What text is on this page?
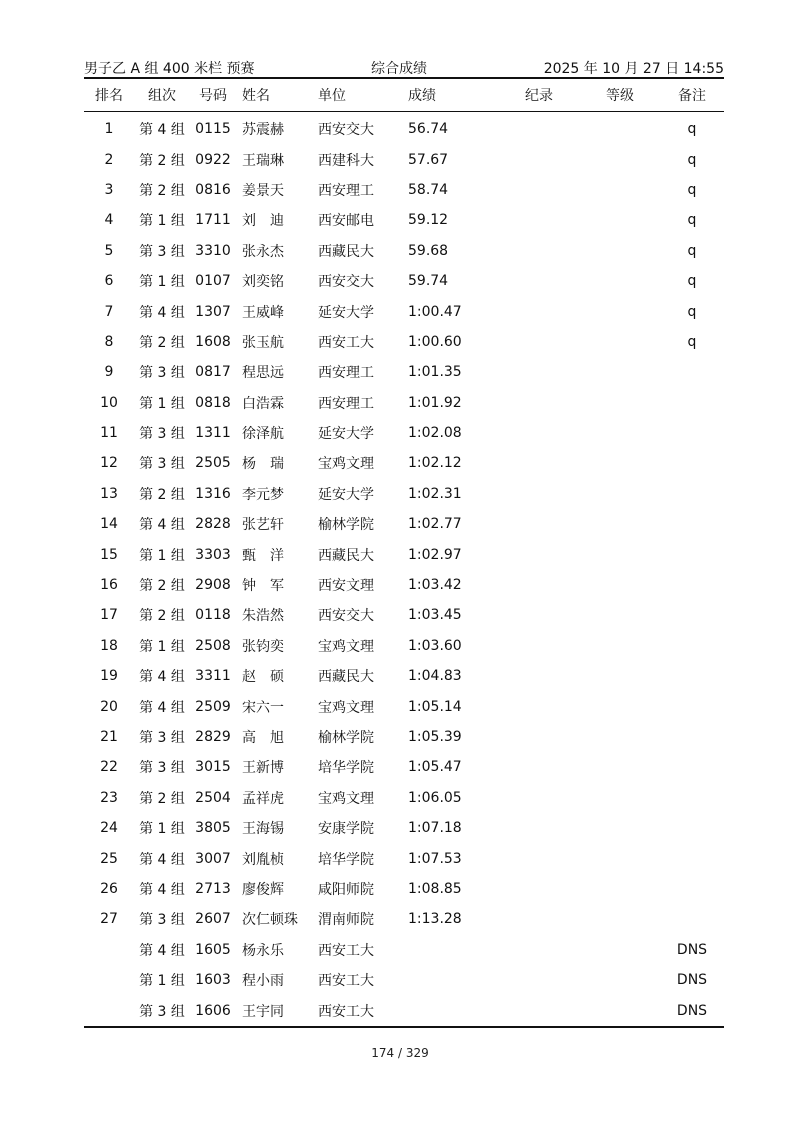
男子乙 A 组 400 米栏 预赛	综合成绩	2025 年 10 月 27 日 14:55
排名	组次	号码	姓名	单位	成绩	纪录	等级	备注

1	第 4 组	0115	苏震赫	西安交大	56.74			q
2	第 2 组	0922	王瑞琳	西建科大	57.67			q
3	第 2 组	0816	姜景天	西安理工	58.74			q
4	第 1 组	1711	刘　迪	西安邮电	59.12			q
5	第 3 组	3310	张永杰	西藏民大	59.68			q
6	第 1 组	0107	刘奕铭	西安交大	59.74			q
7	第 4 组	1307	王威峰	延安大学	1:00.47			q
8	第 2 组	1608	张玉航	西安工大	1:00.60			q
9	第 3 组	0817	程思远	西安理工	1:01.35			
10	第 1 组	0818	白浩霖	西安理工	1:01.92			
11	第 3 组	1311	徐泽航	延安大学	1:02.08			
12	第 3 组	2505	杨　瑞	宝鸡文理	1:02.12			
13	第 2 组	1316	李元梦	延安大学	1:02.31			
14	第 4 组	2828	张艺轩	榆林学院	1:02.77			
15	第 1 组	3303	甄　洋	西藏民大	1:02.97			
16	第 2 组	2908	钟　军	西安文理	1:03.42			
17	第 2 组	0118	朱浩然	西安交大	1:03.45			
18	第 1 组	2508	张钧奕	宝鸡文理	1:03.60			
19	第 4 组	3311	赵　硕	西藏民大	1:04.83			
20	第 4 组	2509	宋六一	宝鸡文理	1:05.14			
21	第 3 组	2829	高　旭	榆林学院	1:05.39			
22	第 3 组	3015	王新博	培华学院	1:05.47			
23	第 2 组	2504	孟祥虎	宝鸡文理	1:06.05			
24	第 1 组	3805	王海锡	安康学院	1:07.18			
25	第 4 组	3007	刘胤桢	培华学院	1:07.53			
26	第 4 组	2713	廖俊辉	咸阳师院	1:08.85			
27	第 3 组	2607	次仁顿珠	渭南师院	1:13.28			
	第 4 组	1605	杨永乐	西安工大				DNS
	第 1 组	1603	程小雨	西安工大				DNS
	第 3 组	1606	王宇同	西安工大				DNS
174 / 329
